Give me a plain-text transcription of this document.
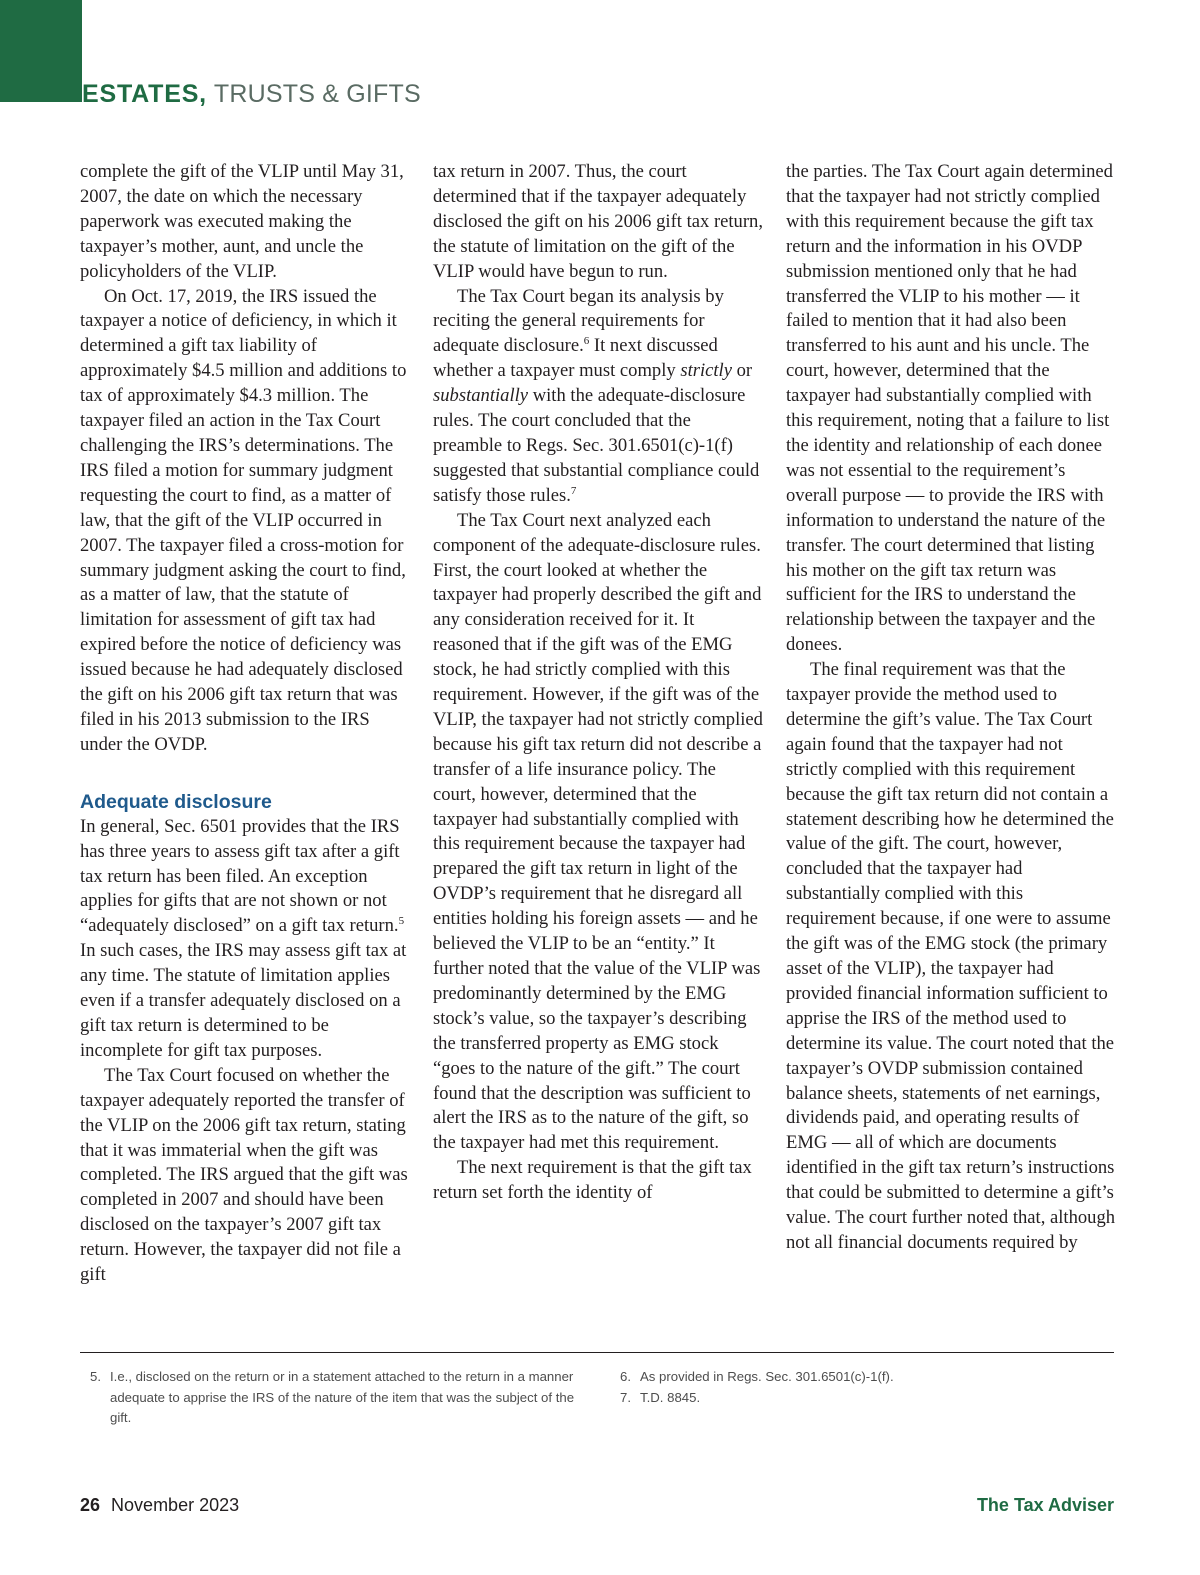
ESTATES, TRUSTS & GIFTS

complete the gift of the VLIP until May 31, 2007, the date on which the necessary paperwork was executed making the taxpayer’s mother, aunt, and uncle the policyholders of the VLIP.

On Oct. 17, 2019, the IRS issued the taxpayer a notice of deficiency, in which it determined a gift tax liability of approximately $4.5 million and additions to tax of approximately $4.3 million. The taxpayer filed an action in the Tax Court challenging the IRS’s determinations. The IRS filed a motion for summary judgment requesting the court to find, as a matter of law, that the gift of the VLIP occurred in 2007. The taxpayer filed a cross-motion for summary judgment asking the court to find, as a matter of law, that the statute of limitation for assessment of gift tax had expired before the notice of deficiency was issued because he had adequately disclosed the gift on his 2006 gift tax return that was filed in his 2013 submission to the IRS under the OVDP.

Adequate disclosure

In general, Sec. 6501 provides that the IRS has three years to assess gift tax after a gift tax return has been filed. An exception applies for gifts that are not shown or not “adequately disclosed” on a gift tax return.$^5$ In such cases, the IRS may assess gift tax at any time. The statute of limitation applies even if a transfer adequately disclosed on a gift tax return is determined to be incomplete for gift tax purposes.

The Tax Court focused on whether the taxpayer adequately reported the transfer of the VLIP on the 2006 gift tax return, stating that it was immaterial when the gift was completed. The IRS argued that the gift was completed in 2007 and should have been disclosed on the taxpayer’s 2007 gift tax return. However, the taxpayer did not file a gift

tax return in 2007. Thus, the court determined that if the taxpayer adequately disclosed the gift on his 2006 gift tax return, the statute of limitation on the gift of the VLIP would have begun to run.

The Tax Court began its analysis by reciting the general requirements for adequate disclosure.$^6$ It next discussed whether a taxpayer must comply strictly or substantially with the adequate-disclosure rules. The court concluded that the preamble to Regs. Sec. 301.6501(c)-1(f) suggested that substantial compliance could satisfy those rules.$^7$

The Tax Court next analyzed each component of the adequate-disclosure rules. First, the court looked at whether the taxpayer had properly described the gift and any consideration received for it. It reasoned that if the gift was of the EMG stock, he had strictly complied with this requirement. However, if the gift was of the VLIP, the taxpayer had not strictly complied because his gift tax return did not describe a transfer of a life insurance policy. The court, however, determined that the taxpayer had substantially complied with this requirement because the taxpayer had prepared the gift tax return in light of the OVDP’s requirement that he disregard all entities holding his foreign assets — and he believed the VLIP to be an “entity.” It further noted that the value of the VLIP was predominantly determined by the EMG stock’s value, so the taxpayer’s describing the transferred property as EMG stock “goes to the nature of the gift.” The court found that the description was sufficient to alert the IRS as to the nature of the gift, so the taxpayer had met this requirement.

The next requirement is that the gift tax return set forth the identity of

the parties. The Tax Court again determined that the taxpayer had not strictly complied with this requirement because the gift tax return and the information in his OVDP submission mentioned only that he had transferred the VLIP to his mother — it failed to mention that it had also been transferred to his aunt and his uncle. The court, however, determined that the taxpayer had substantially complied with this requirement, noting that a failure to list the identity and relationship of each donee was not essential to the requirement’s overall purpose — to provide the IRS with information to understand the nature of the transfer. The court determined that listing his mother on the gift tax return was sufficient for the IRS to understand the relationship between the taxpayer and the donees.

The final requirement was that the taxpayer provide the method used to determine the gift’s value. The Tax Court again found that the taxpayer had not strictly complied with this requirement because the gift tax return did not contain a statement describing how he determined the value of the gift. The court, however, concluded that the taxpayer had substantially complied with this requirement because, if one were to assume the gift was of the EMG stock (the primary asset of the VLIP), the taxpayer had provided financial information sufficient to apprise the IRS of the method used to determine its value. The court noted that the taxpayer’s OVDP submission contained balance sheets, statements of net earnings, dividends paid, and operating results of EMG — all of which are documents identified in the gift tax return’s instructions that could be submitted to determine a gift’s value. The court further noted that, although not all financial documents required by

5. I.e., disclosed on the return or in a statement attached to the return in a manner adequate to apprise the IRS of the nature of the item that was the subject of the gift.
6. As provided in Regs. Sec. 301.6501(c)-1(f).
7. T.D. 8845.
26 November 2023	The Tax Adviser
